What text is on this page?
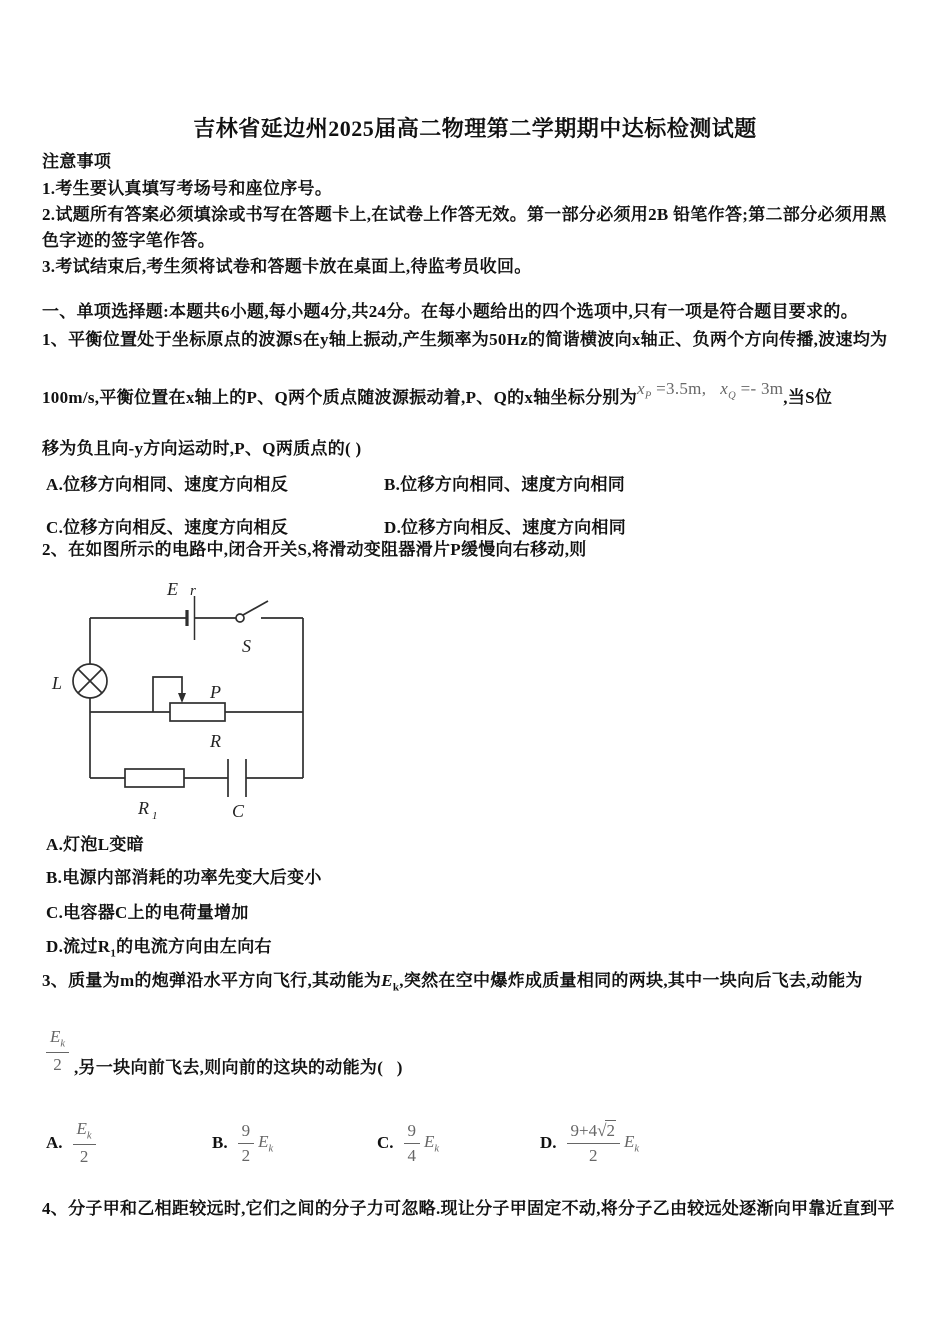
吉林省延边州2025届高二物理第二学期期中达标检测试题
注意事项
1.考生要认真填写考场号和座位序号。
2.试题所有答案必须填涂或书写在答题卡上,在试卷上作答无效。第一部分必须用2B 铅笔作答;第二部分必须用黑
色字迹的签字笔作答。
3.考试结束后,考生须将试卷和答题卡放在桌面上,待监考员收回。
一、单项选择题:本题共6小题,每小题4分,共24分。在每小题给出的四个选项中,只有一项是符合题目要求的。
1、平衡位置处于坐标原点的波源S在y轴上振动,产生频率为50Hz的简谐横波向x轴正、负两个方向传播,波速均为
100m/s,平衡位置在x轴上的P、Q两个质点随波源振动着,P、Q的x轴坐标分别为$x_P =3.5m$, $x_Q =- 3m$,当S位
移为负且向-y方向运动时,P、Q两质点的( )
A.位移方向相同、速度方向相反	B.位移方向相同、速度方向相同
C.位移方向相反、速度方向相反	D.位移方向相反、速度方向相同
2、在如图所示的电路中,闭合开关S,将滑动变阻器滑片P缓慢向右移动,则
E r
S
L	P
R
R 1	C
A.灯泡L变暗
B.电源内部消耗的功率先变大后变小
C.电容器C上的电荷量增加
D.流过$R_1$的电流方向由左向右
3、质量为m的炮弹沿水平方向飞行,其动能为$E_k$,突然在空中爆炸成质量相同的两块,其中一块向后飞去,动能为
$\frac{E_k}{2}$ ,另一块向前飞去,则向前的这块的动能为(   )
A. $\frac{E_k}{2}$	B. $\frac{9}{2} E_k$	C. $\frac{9}{4} E_k$	D. $\frac{9+4√2}{2} E_k$
4、分子甲和乙相距较远时,它们之间的分子力可忽略.现让分子甲固定不动,将分子乙由较远处逐渐向甲靠近直到平
